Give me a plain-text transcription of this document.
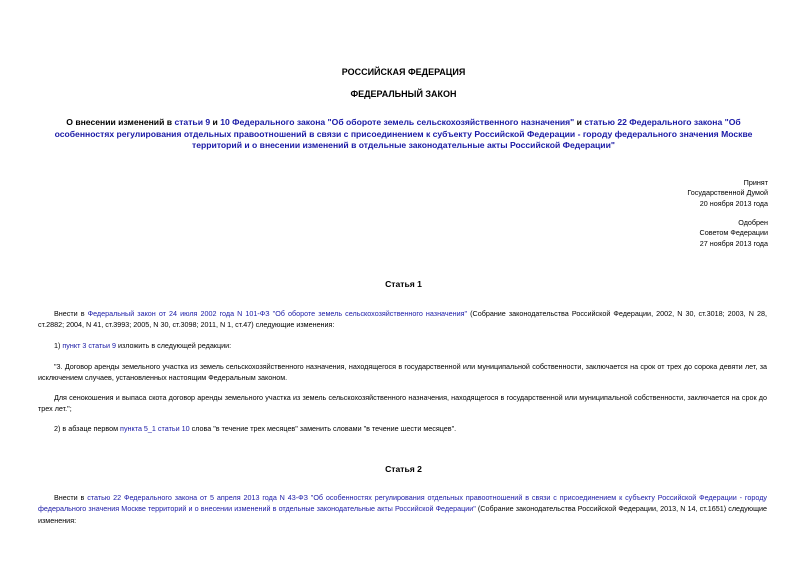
РОССИЙСКАЯ ФЕДЕРАЦИЯ
ФЕДЕРАЛЬНЫЙ ЗАКОН
О внесении изменений в статьи 9 и 10 Федерального закона "Об обороте земель сельскохозяйственного назначения" и статью 22 Федерального закона "Об особенностях регулирования отдельных правоотношений в связи с присоединением к субъекту Российской Федерации - городу федерального значения Москве территорий и о внесении изменений в отдельные законодательные акты Российской Федерации"
Принят
Государственной Думой
20 ноября 2013 года
Одобрен
Советом Федерации
27 ноября 2013 года
Статья 1
Внести в Федеральный закон от 24 июля 2002 года N 101-ФЗ "Об обороте земель сельскохозяйственного назначения" (Собрание законодательства Российской Федерации, 2002, N 30, ст.3018; 2003, N 28, ст.2882; 2004, N 41, ст.3993; 2005, N 30, ст.3098; 2011, N 1, ст.47) следующие изменения:
1) пункт 3 статьи 9 изложить в следующей редакции:
"3. Договор аренды земельного участка из земель сельскохозяйственного назначения, находящегося в государственной или муниципальной собственности, заключается на срок от трех до сорока девяти лет, за исключением случаев, установленных настоящим Федеральным законом.
Для сенокошения и выпаса скота договор аренды земельного участка из земель сельскохозяйственного назначения, находящегося в государственной или муниципальной собственности, заключается на срок до трех лет.";
2) в абзаце первом пункта 5_1 статьи 10 слова "в течение трех месяцев" заменить словами "в течение шести месяцев".
Статья 2
Внести в статью 22 Федерального закона от 5 апреля 2013 года N 43-ФЗ "Об особенностях регулирования отдельных правоотношений в связи с присоединением к субъекту Российской Федерации - городу федерального значения Москве территорий и о внесении изменений в отдельные законодательные акты Российской Федерации" (Собрание законодательства Российской Федерации, 2013, N 14, ст.1651) следующие изменения:
